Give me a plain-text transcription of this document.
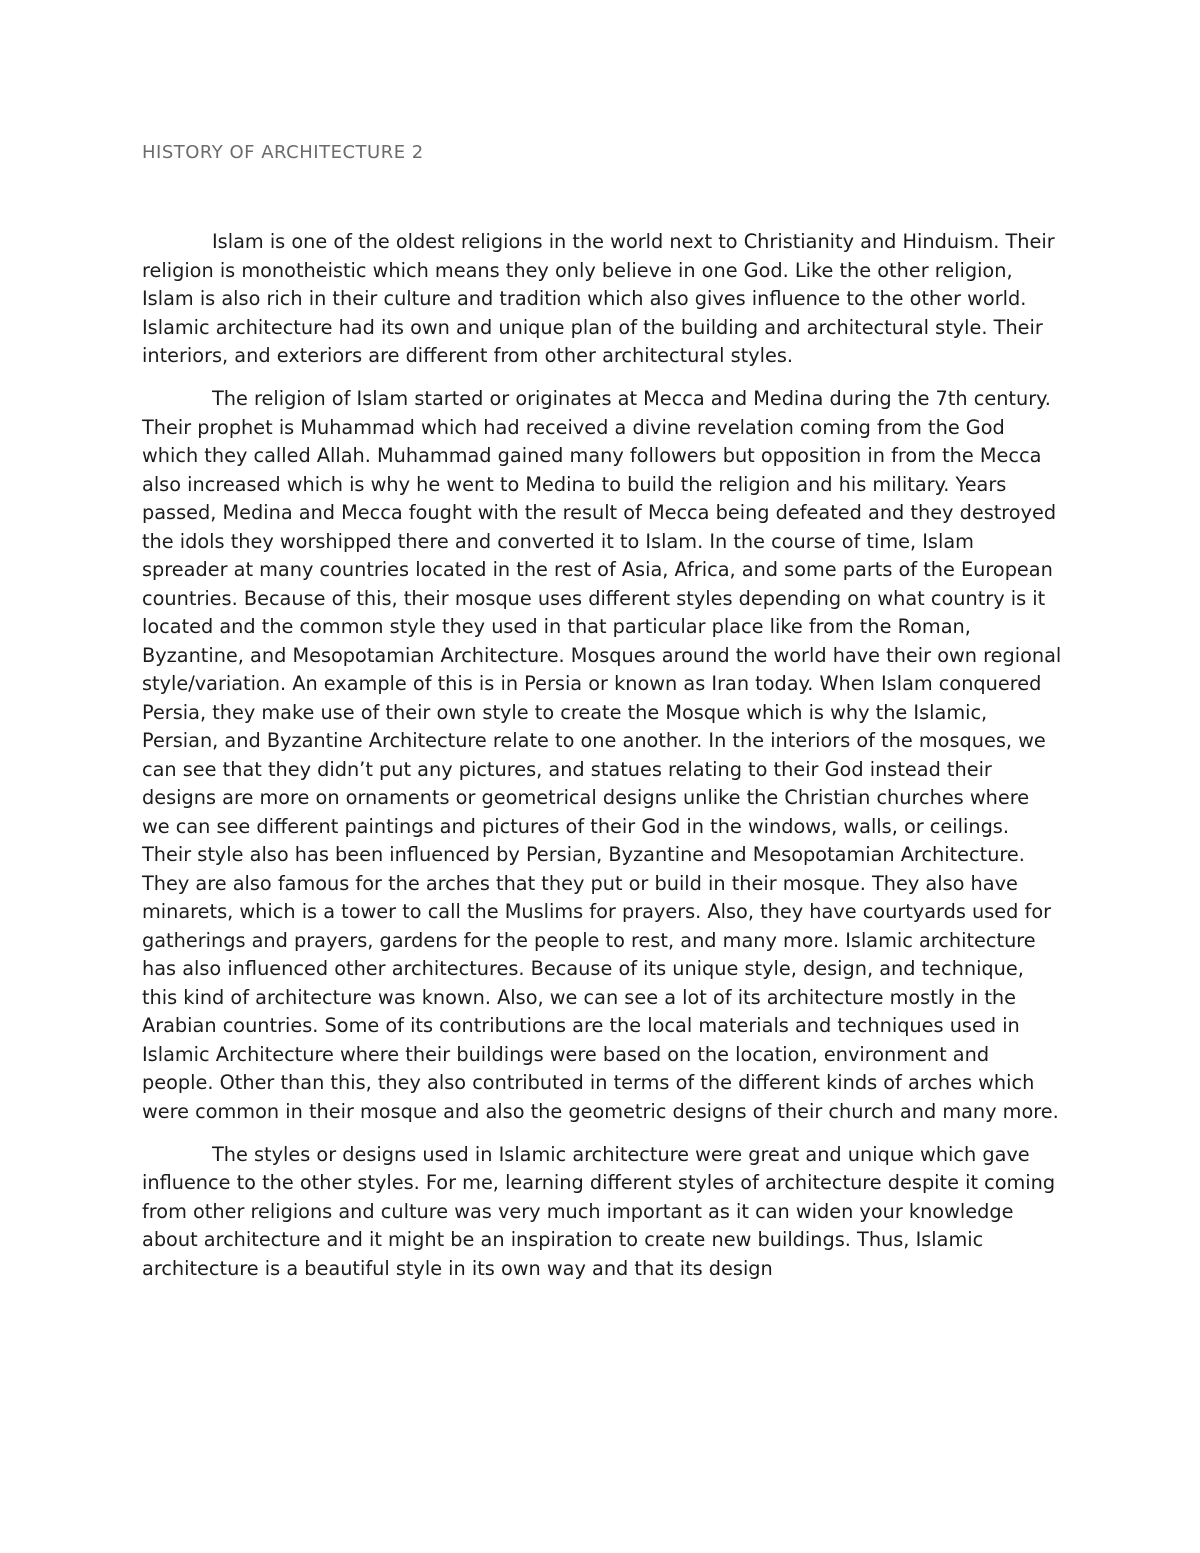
HISTORY OF ARCHITECTURE 2

Islam is one of the oldest religions in the world next to Christianity and Hinduism. Their religion is monotheistic which means they only believe in one God. Like the other religion, Islam is also rich in their culture and tradition which also gives influence to the other world. Islamic architecture had its own and unique plan of the building and architectural style. Their interiors, and exteriors are different from other architectural styles.

The religion of Islam started or originates at Mecca and Medina during the 7th century. Their prophet is Muhammad which had received a divine revelation coming from the God which they called Allah. Muhammad gained many followers but opposition in from the Mecca also increased which is why he went to Medina to build the religion and his military. Years passed, Medina and Mecca fought with the result of Mecca being defeated and they destroyed the idols they worshipped there and converted it to Islam. In the course of time, Islam spreader at many countries located in the rest of Asia, Africa, and some parts of the European countries. Because of this, their mosque uses different styles depending on what country is it located and the common style they used in that particular place like from the Roman, Byzantine, and Mesopotamian Architecture. Mosques around the world have their own regional style/variation. An example of this is in Persia or known as Iran today. When Islam conquered Persia, they make use of their own style to create the Mosque which is why the Islamic, Persian, and Byzantine Architecture relate to one another. In the interiors of the mosques, we can see that they didn’t put any pictures, and statues relating to their God instead their designs are more on ornaments or geometrical designs unlike the Christian churches where we can see different paintings and pictures of their God in the windows, walls, or ceilings. Their style also has been influenced by Persian, Byzantine and Mesopotamian Architecture. They are also famous for the arches that they put or build in their mosque. They also have minarets, which is a tower to call the Muslims for prayers. Also, they have courtyards used for gatherings and prayers, gardens for the people to rest, and many more. Islamic architecture has also influenced other architectures. Because of its unique style, design, and technique, this kind of architecture was known. Also, we can see a lot of its architecture mostly in the Arabian countries. Some of its contributions are the local materials and techniques used in Islamic Architecture where their buildings were based on the location, environment and people. Other than this, they also contributed in terms of the different kinds of arches which were common in their mosque and also the geometric designs of their church and many more.

The styles or designs used in Islamic architecture were great and unique which gave influence to the other styles. For me, learning different styles of architecture despite it coming from other religions and culture was very much important as it can widen your knowledge about architecture and it might be an inspiration to create new buildings. Thus, Islamic architecture is a beautiful style in its own way and that its design
